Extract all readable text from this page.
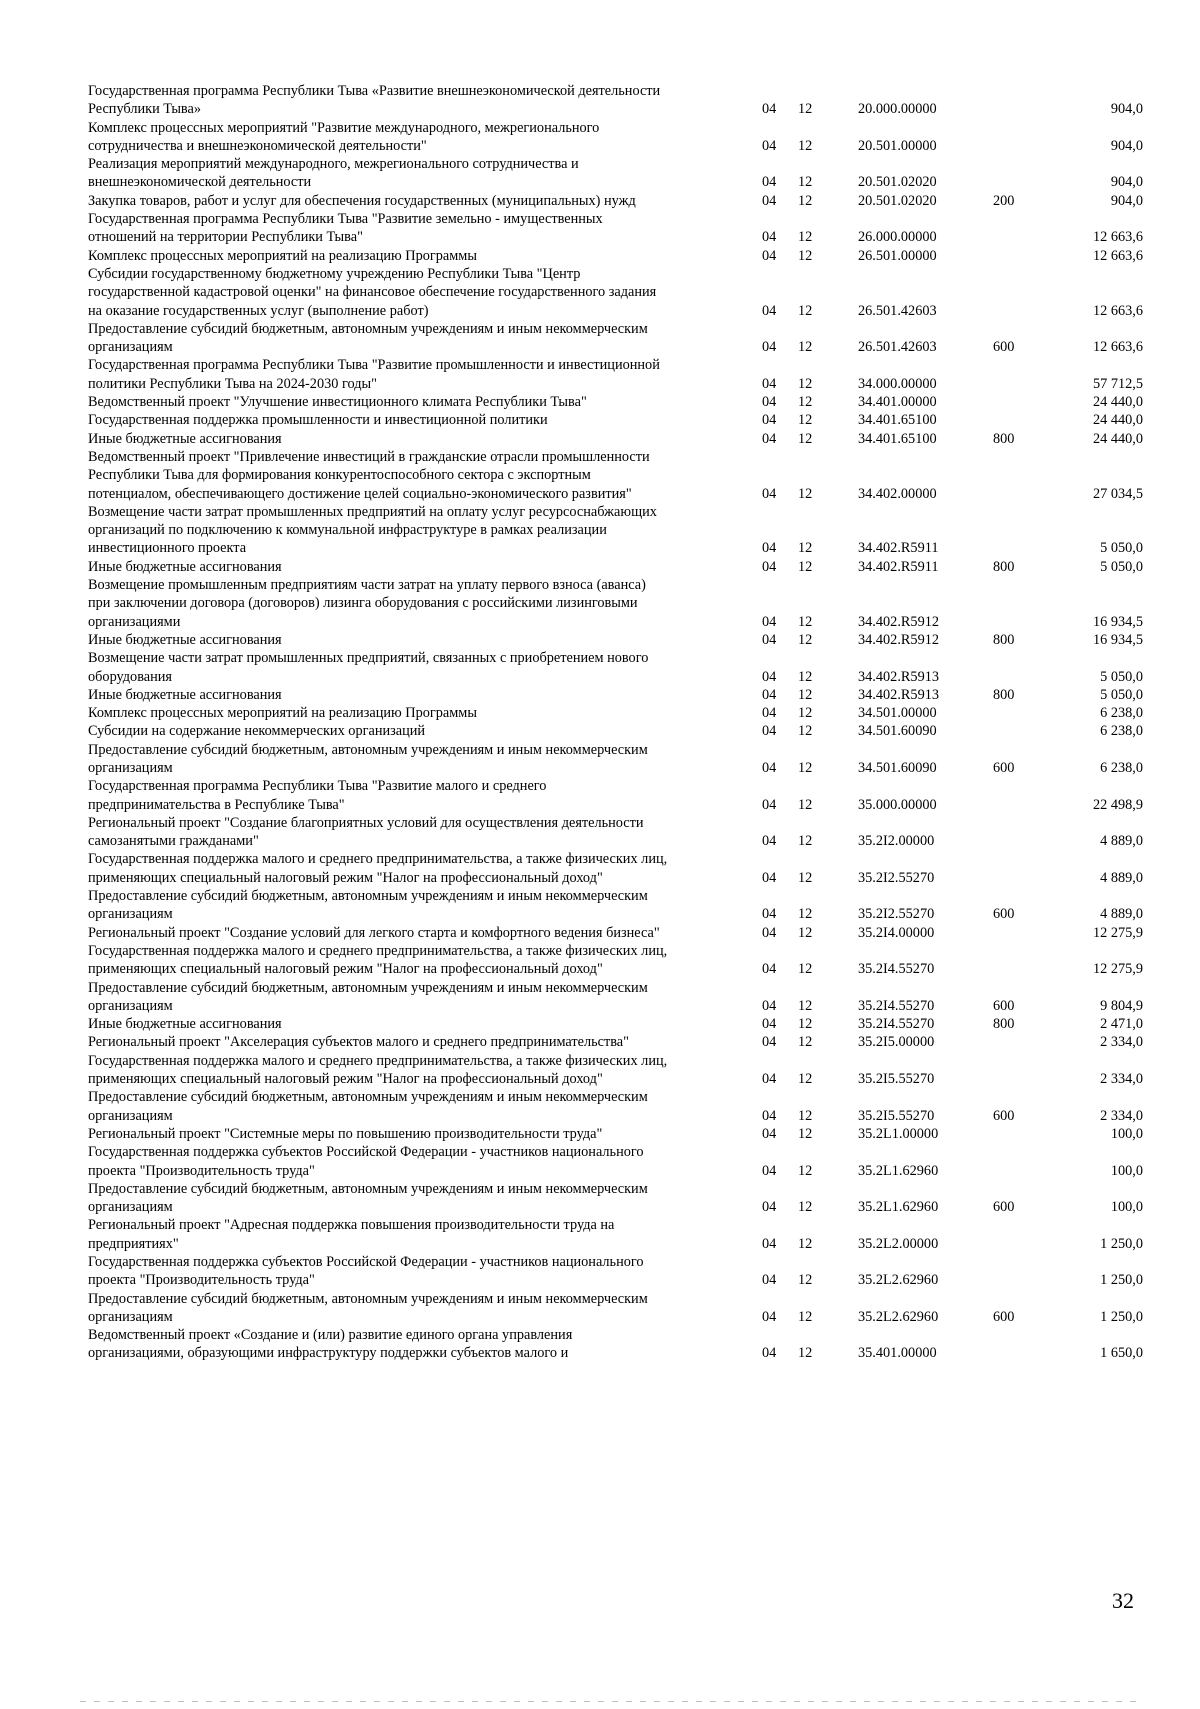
Государственная программа Республики Тыва «Развитие внешнеэкономической деятельности Республики Тыва»	04	12	20.000.00000		904,0
Комплекс процессных мероприятий "Развитие международного, межрегионального сотрудничества и внешнеэкономической деятельности"	04	12	20.501.00000		904,0
Реализация мероприятий международного, межрегионального сотрудничества и внешнеэкономической деятельности	04	12	20.501.02020		904,0
Закупка товаров, работ и услуг для обеспечения государственных (муниципальных) нужд	04	12	20.501.02020	200	904,0
Государственная программа Республики Тыва "Развитие земельно - имущественных отношений на территории Республики Тыва"	04	12	26.000.00000		12 663,6
Комплекс процессных мероприятий на реализацию Программы	04	12	26.501.00000		12 663,6
Субсидии государственному бюджетному учреждению Республики Тыва "Центр государственной кадастровой оценки" на финансовое обеспечение государственного задания на оказание государственных услуг (выполнение работ)	04	12	26.501.42603		12 663,6
Предоставление субсидий бюджетным, автономным учреждениям и иным некоммерческим организациям	04	12	26.501.42603	600	12 663,6
Государственная программа Республики Тыва "Развитие промышленности и инвестиционной политики Республики Тыва на 2024-2030 годы"	04	12	34.000.00000		57 712,5
Ведомственный проект "Улучшение инвестиционного климата Республики Тыва"	04	12	34.401.00000		24 440,0
Государственная поддержка промышленности и инвестиционной политики	04	12	34.401.65100		24 440,0
Иные бюджетные ассигнования	04	12	34.401.65100	800	24 440,0
Ведомственный проект "Привлечение инвестиций в гражданские отрасли промышленности Республики Тыва для формирования конкурентоспособного сектора с экспортным потенциалом, обеспечивающего достижение целей социально-экономического развития"	04	12	34.402.00000		27 034,5
Возмещение части затрат промышленных предприятий на оплату услуг ресурсоснабжающих организаций по подключению к коммунальной инфраструктуре в рамках реализации инвестиционного проекта	04	12	34.402.R5911		5 050,0
Иные бюджетные ассигнования	04	12	34.402.R5911	800	5 050,0
Возмещение промышленным предприятиям части затрат на уплату первого взноса (аванса) при заключении договора (договоров) лизинга оборудования с российскими лизинговыми организациями	04	12	34.402.R5912		16 934,5
Иные бюджетные ассигнования	04	12	34.402.R5912	800	16 934,5
Возмещение части затрат промышленных предприятий, связанных с приобретением нового оборудования	04	12	34.402.R5913		5 050,0
Иные бюджетные ассигнования	04	12	34.402.R5913	800	5 050,0
Комплекс процессных мероприятий на реализацию Программы	04	12	34.501.00000		6 238,0
Субсидии на содержание некоммерческих организаций	04	12	34.501.60090		6 238,0
Предоставление субсидий бюджетным, автономным учреждениям и иным некоммерческим организациям	04	12	34.501.60090	600	6 238,0
Государственная программа Республики Тыва "Развитие малого и среднего предпринимательства в Республике Тыва"	04	12	35.000.00000		22 498,9
Региональный проект "Создание благоприятных условий для осуществления деятельности самозанятыми гражданами"	04	12	35.2I2.00000		4 889,0
Государственная поддержка малого и среднего предпринимательства, а также физических лиц, применяющих специальный налоговый режим "Налог на профессиональный доход"	04	12	35.2I2.55270		4 889,0
Предоставление субсидий бюджетным, автономным учреждениям и иным некоммерческим организациям	04	12	35.2I2.55270	600	4 889,0
Региональный проект "Создание условий для легкого старта и комфортного ведения бизнеса"	04	12	35.2I4.00000		12 275,9
Государственная поддержка малого и среднего предпринимательства, а также физических лиц, применяющих специальный налоговый режим "Налог на профессиональный доход"	04	12	35.2I4.55270		12 275,9
Предоставление субсидий бюджетным, автономным учреждениям и иным некоммерческим организациям	04	12	35.2I4.55270	600	9 804,9
Иные бюджетные ассигнования	04	12	35.2I4.55270	800	2 471,0
Региональный проект "Акселерация субъектов малого и среднего предпринимательства"	04	12	35.2I5.00000		2 334,0
Государственная поддержка малого и среднего предпринимательства, а также физических лиц, применяющих специальный налоговый режим "Налог на профессиональный доход"	04	12	35.2I5.55270		2 334,0
Предоставление субсидий бюджетным, автономным учреждениям и иным некоммерческим организациям	04	12	35.2I5.55270	600	2 334,0
Региональный проект "Системные меры по повышению производительности труда"	04	12	35.2L1.00000		100,0
Государственная поддержка субъектов Российской Федерации - участников национального проекта "Производительность труда"	04	12	35.2L1.62960		100,0
Предоставление субсидий бюджетным, автономным учреждениям и иным некоммерческим организациям	04	12	35.2L1.62960	600	100,0
Региональный проект "Адресная поддержка повышения производительности труда на предприятиях"	04	12	35.2L2.00000		1 250,0
Государственная поддержка субъектов Российской Федерации - участников национального проекта "Производительность труда"	04	12	35.2L2.62960		1 250,0
Предоставление субсидий бюджетным, автономным учреждениям и иным некоммерческим организациям	04	12	35.2L2.62960	600	1 250,0
Ведомственный проект «Создание и (или) развитие единого органа управления организациями, образующими инфраструктуру поддержки субъектов малого и	04	12	35.401.00000		1 650,0
32
